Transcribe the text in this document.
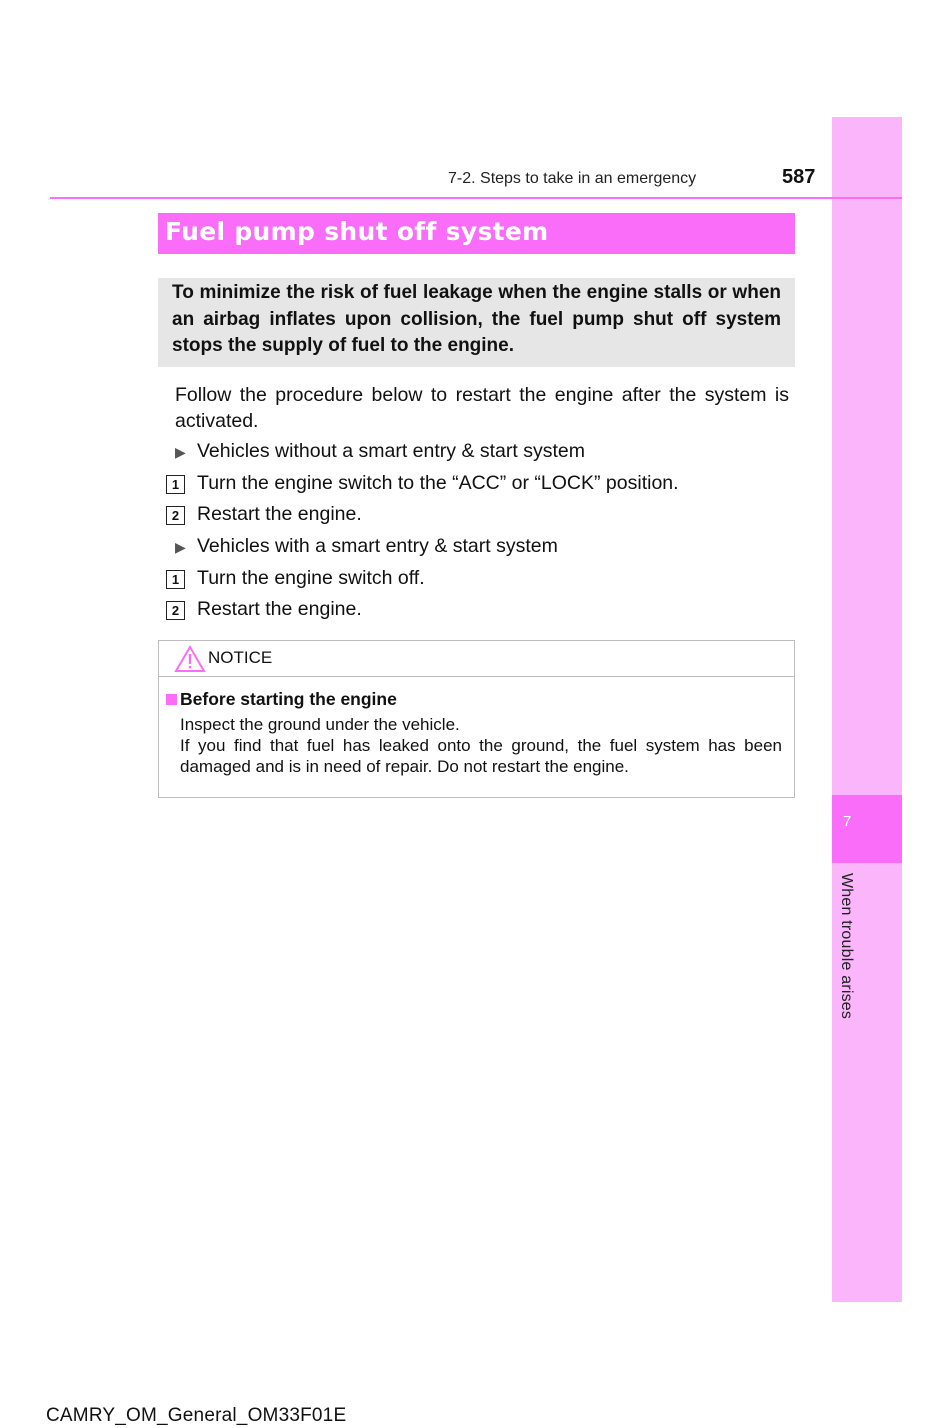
7
When trouble arises
7-2. Steps to take in an emergency	587
Fuel pump shut off system
To minimize the risk of fuel leakage when the engine stalls or when an airbag inflates upon collision, the fuel pump shut off system stops the supply of fuel to the engine.
Follow the procedure below to restart the engine after the system is activated.
▶ Vehicles without a smart entry & start system
1 Turn the engine switch to the “ACC” or “LOCK” position.
2 Restart the engine.
▶ Vehicles with a smart entry & start system
1 Turn the engine switch off.
2 Restart the engine.
NOTICE
Before starting the engine
Inspect the ground under the vehicle.
If you find that fuel has leaked onto the ground, the fuel system has been damaged and is in need of repair. Do not restart the engine.
CAMRY_OM_General_OM33F01E
